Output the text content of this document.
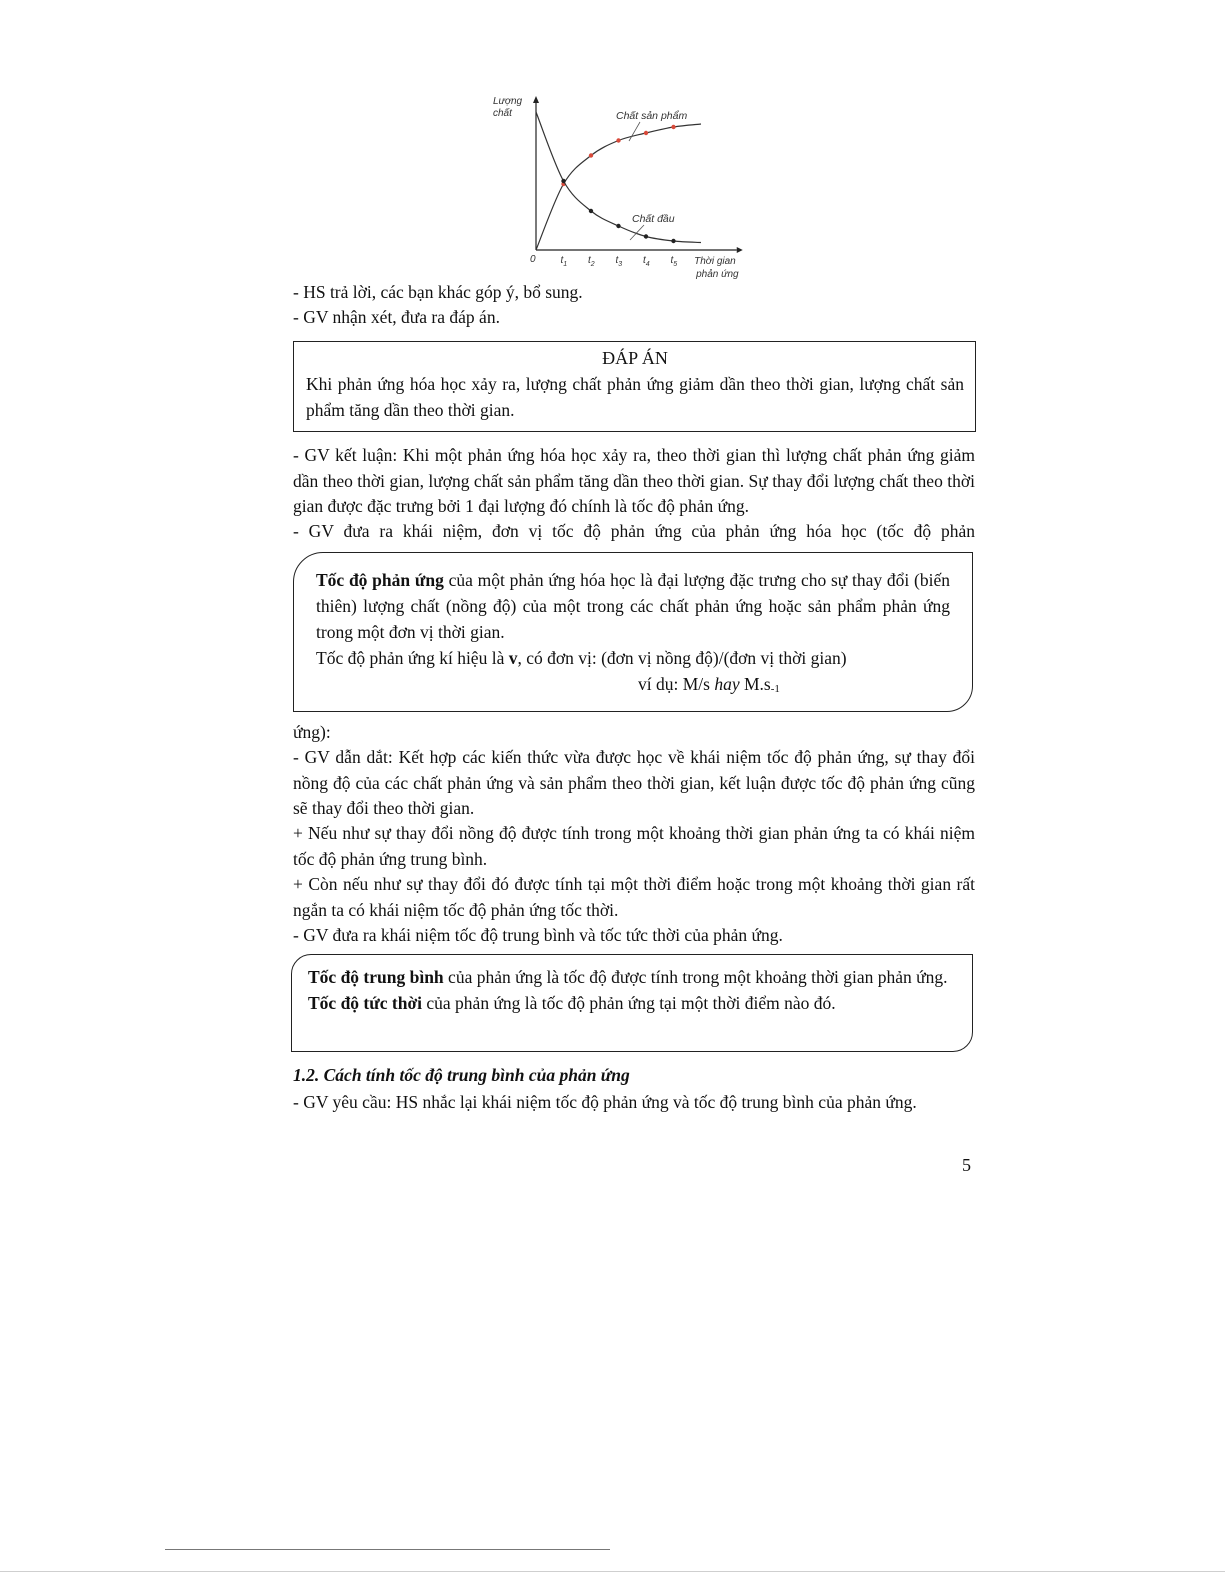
0 $t_1$ $t_2$ $t_3$ $t_4$ $t_5$
Lượng
chất
Thời gian
phản ứng
Chất sản phẩm
Chất đầu

- HS trả lời, các bạn khác góp ý, bổ sung.

- GV nhận xét, đưa ra đáp án.

ĐÁP ÁN

Khi phản ứng hóa học xảy ra, lượng chất phản ứng giảm dần theo thời gian, lượng chất sản phẩm tăng dần theo thời gian.

- GV kết luận: Khi một phản ứng hóa học xảy ra, theo thời gian thì lượng chất phản ứng giảm dần theo thời gian, lượng chất sản phẩm tăng dần theo thời gian. Sự thay đổi lượng chất theo thời gian được đặc trưng bởi 1 đại lượng đó chính là tốc độ phản ứng.

- GV đưa ra khái niệm, đơn vị tốc độ phản ứng của phản ứng hóa học (tốc độ phản

Tốc độ phản ứng của một phản ứng hóa học là đại lượng đặc trưng cho sự thay đổi (biến thiên) lượng chất (nồng độ) của một trong các chất phản ứng hoặc sản phẩm phản ứng trong một đơn vị thời gian.

Tốc độ phản ứng kí hiệu là v, có đơn vị: (đơn vị nồng độ)/(đơn vị thời gian)

ví dụ: M/s hay M.s-1

ứng):

- GV dẫn dắt: Kết hợp các kiến thức vừa được học về khái niệm tốc độ phản ứng, sự thay đổi nồng độ của các chất phản ứng và sản phẩm theo thời gian, kết luận được tốc độ phản ứng cũng sẽ thay đổi theo thời gian.

+ Nếu như sự thay đổi nồng độ được tính trong một khoảng thời gian phản ứng ta có khái niệm tốc độ phản ứng trung bình.

+ Còn nếu như sự thay đổi đó được tính tại một thời điểm hoặc trong một khoảng thời gian rất ngắn ta có khái niệm tốc độ phản ứng tốc thời.

- GV đưa ra khái niệm tốc độ trung bình và tốc tức thời của phản ứng.

Tốc độ trung bình của phản ứng là tốc độ được tính trong một khoảng thời gian phản ứng.

Tốc độ tức thời của phản ứng là tốc độ phản ứng tại một thời điểm nào đó.

1.2. Cách tính tốc độ trung bình của phản ứng

- GV yêu cầu: HS nhắc lại khái niệm tốc độ phản ứng và tốc độ trung bình của phản ứng.

5
